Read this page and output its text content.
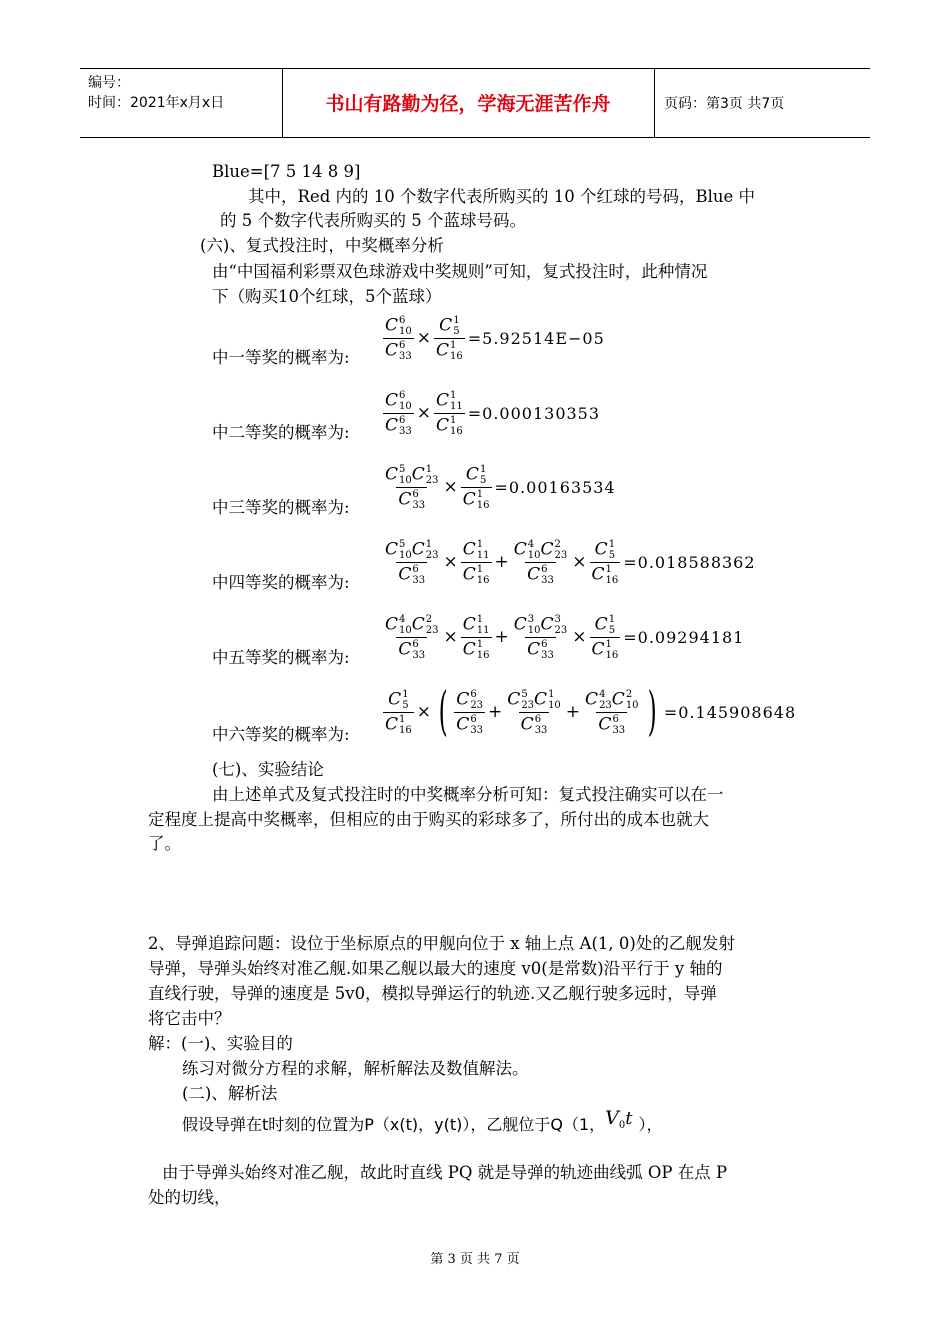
编号：
时间：2021年x月x日	书山有路勤为径，学海无涯苦作舟	页码：第3页 共7页
Blue=[7 5 14 8 9]
其中，Red 内的 10 个数字代表所购买的 10 个红球的号码，Blue 中
的 5 个数字代表所购买的 5 个蓝球号码。
(六)、复式投注时，中奖概率分析
由“中国福利彩票双色球游戏中奖规则”可知，复式投注时，此种情况
下（购买10个红球，5个蓝球）
中一等奖的概率为: C 6
10
C 6
33 × C 1
5
C 1
16 =5.92514E−05
中二等奖的概率为: C 6
10
C 6
33 × C 1
11
C 1
16 =0.000130353
中三等奖的概率为: C 5
10 C 1
23
C 6
33 × C 1
5
C 1
16 =0.00163534
中四等奖的概率为: C 5
10 C 1
23
C 6
33 × C 1
11
C 1
16 + C 4
10 C 2
23
C 6
33 × C 1
5
C 1
16 =0.018588362
中五等奖的概率为: C 4
10 C 2
23
C 6
33 × C 1
11
C 1
16 + C 3
10 C 3
23
C 6
33 × C 1
5
C 1
16 =0.09294181
中六等奖的概率为: C 1
5
C 1
16 × ( C 6
23
C 6
33 + C 5
23 C 1
10
C 6
33 + C 4
23 C 2
10
C 6
33 ) =0.145908648
(七)、实验结论
由上述单式及复式投注时的中奖概率分析可知：复式投注确实可以在一
定程度上提高中奖概率，但相应的由于购买的彩球多了，所付出的成本也就大
了。
2、导弹追踪问题：设位于坐标原点的甲舰向位于 x 轴上点 A(1, 0)处的乙舰发射
导弹，导弹头始终对准乙舰.如果乙舰以最大的速度 v0(是常数)沿平行于 y 轴的
直线行驶，导弹的速度是 5v0，模拟导弹运行的轨迹.又乙舰行驶多远时，导弹
将它击中？
解：(一)、实验目的
练习对微分方程的求解，解析解法及数值解法。
(二)、解析法
假设导弹在t时刻的位置为P（x(t)，y(t)），乙舰位于Q（1，V0t ），
由于导弹头始终对准乙舰，故此时直线 PQ 就是导弹的轨迹曲线弧 OP 在点 P
处的切线，
第 3 页 共 7 页
